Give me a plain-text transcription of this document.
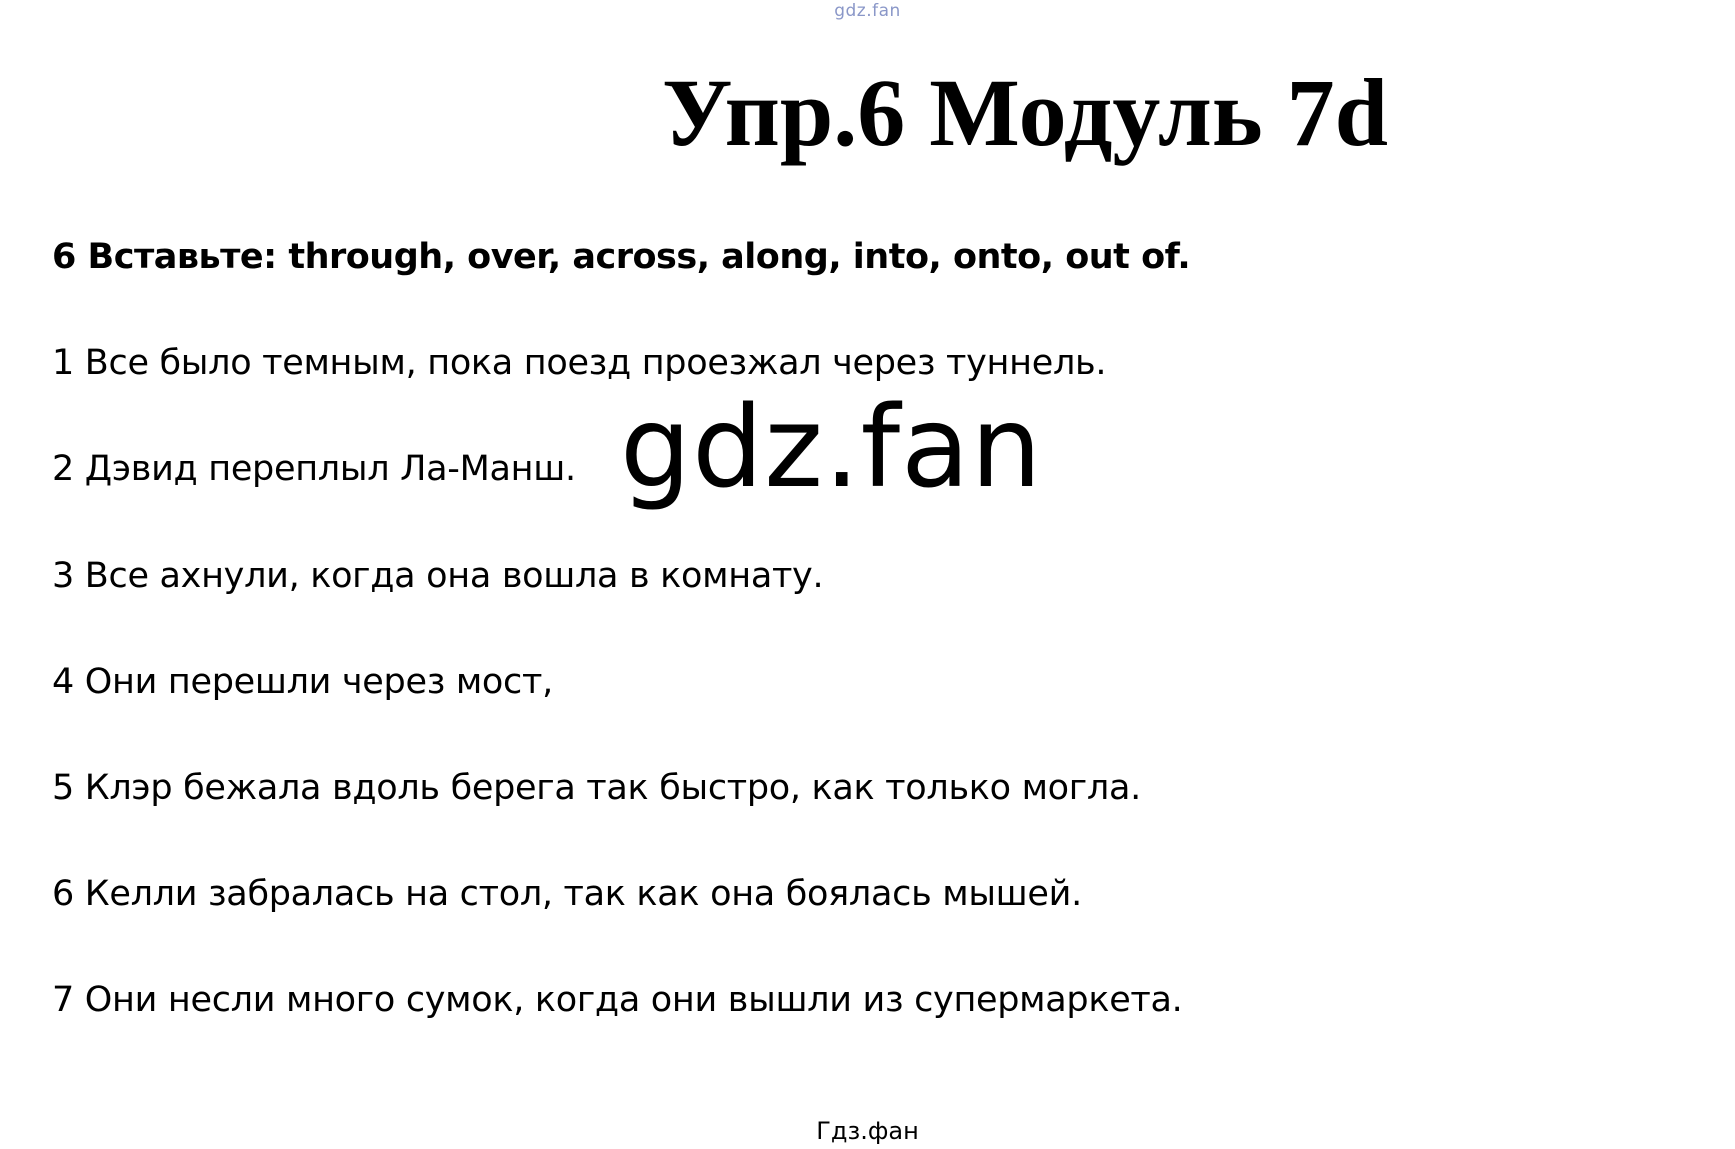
gdz.fan
Упр.6 Модуль 7d
6 Вставьте: through, over, across, along, into, onto, out of.
1 Все было темным, пока поезд проезжал через туннель.
2 Дэвид переплыл Ла-Манш.
3 Все ахнули, когда она вошла в комнату.
4 Они перешли через мост,
5 Клэр бежала вдоль берега так быстро, как только могла.
6 Келли забралась на стол, так как она боялась мышей.
7 Они несли много сумок, когда они вышли из супермаркета.
gdz.fan
Гдз.фан
